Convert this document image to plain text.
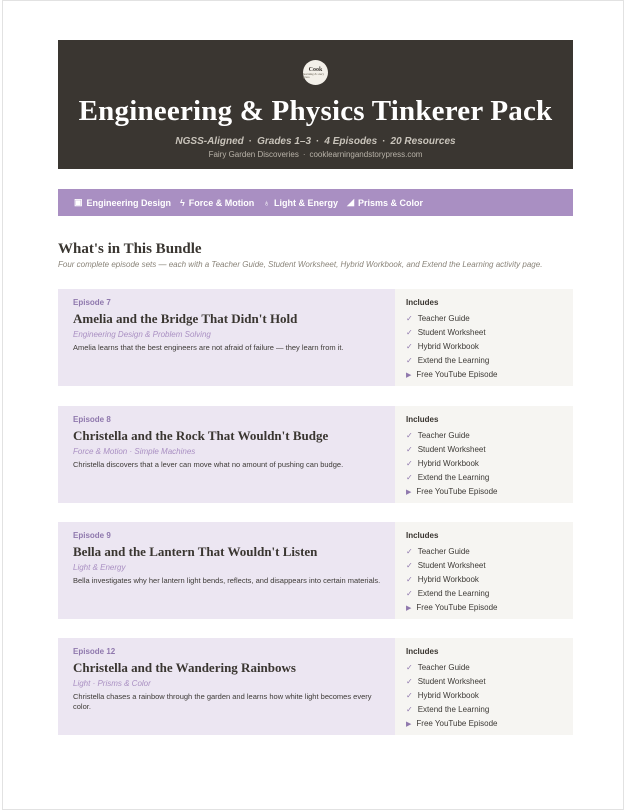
Cook
learning & story press
Engineering & Physics Tinkerer Pack
NGSS-Aligned · Grades 1–3 · 4 Episodes · 20 Resources
Fairy Garden Discoveries · cooklearningandstorypress.com
▣ Engineering Design ϟ Force & Motion ♁ Light & Energy ◢ Prisms & Color
What's in This Bundle
Four complete episode sets — each with a Teacher Guide, Student Worksheet, Hybrid Workbook, and Extend the Learning activity page.
Episode 7
Amelia and the Bridge That Didn't Hold
Engineering Design & Problem Solving
Amelia learns that the best engineers are not afraid of failure — they learn from it.
Includes
✓ Teacher Guide
✓ Student Worksheet
✓ Hybrid Workbook
✓ Extend the Learning
▶ Free YouTube Episode
Episode 8
Christella and the Rock That Wouldn't Budge
Force & Motion · Simple Machines
Christella discovers that a lever can move what no amount of pushing can budge.
Includes
✓ Teacher Guide
✓ Student Worksheet
✓ Hybrid Workbook
✓ Extend the Learning
▶ Free YouTube Episode
Episode 9
Bella and the Lantern That Wouldn't Listen
Light & Energy
Bella investigates why her lantern light bends, reflects, and disappears into certain materials.
Includes
✓ Teacher Guide
✓ Student Worksheet
✓ Hybrid Workbook
✓ Extend the Learning
▶ Free YouTube Episode
Episode 12
Christella and the Wandering Rainbows
Light · Prisms & Color
Christella chases a rainbow through the garden and learns how white light becomes every color.
Includes
✓ Teacher Guide
✓ Student Worksheet
✓ Hybrid Workbook
✓ Extend the Learning
▶ Free YouTube Episode
